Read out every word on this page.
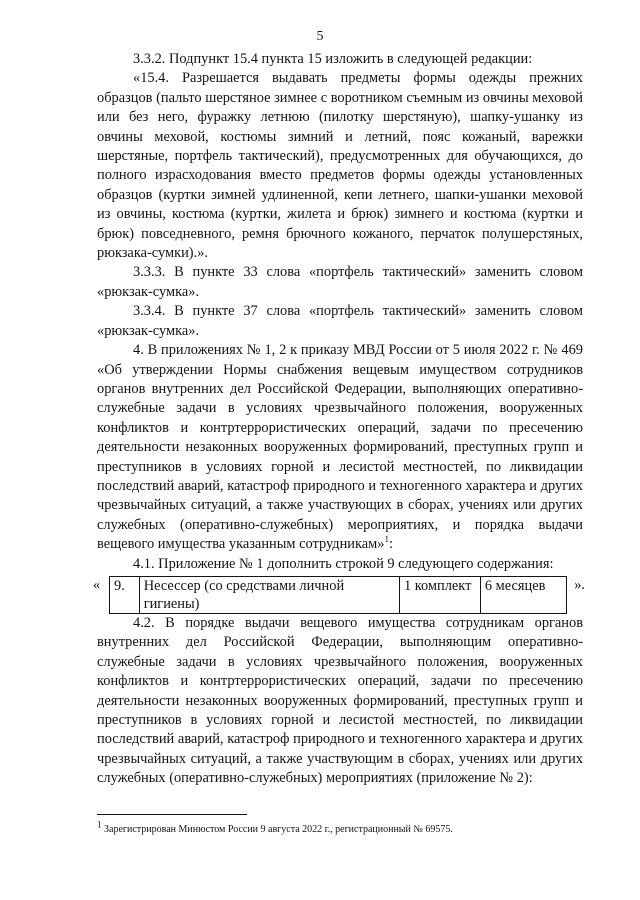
5

3.3.2. Подпункт 15.4 пункта 15 изложить в следующей редакции:

«15.4. Разрешается выдавать предметы формы одежды прежних образцов (пальто шерстяное зимнее с воротником съемным из овчины меховой или без него, фуражку летнюю (пилотку шерстяную), шапку-ушанку из овчины меховой, костюмы зимний и летний, пояс кожаный, варежки шерстяные, портфель тактический), предусмотренных для обучающихся, до полного израсходования вместо предметов формы одежды установленных образцов (куртки зимней удлиненной, кепи летнего, шапки-ушанки меховой из овчины, костюма (куртки, жилета и брюк) зимнего и костюма (куртки и брюк) повседневного, ремня брючного кожаного, перчаток полушерстяных, рюкзака-сумки).».

3.3.3. В пункте 33 слова «портфель тактический» заменить словом «рюкзак-сумка».

3.3.4. В пункте 37 слова «портфель тактический» заменить словом «рюкзак-сумка».

4. В приложениях № 1, 2 к приказу МВД России от 5 июля 2022 г. № 469 «Об утверждении Нормы снабжения вещевым имуществом сотрудников органов внутренних дел Российской Федерации, выполняющих оперативно-служебные задачи в условиях чрезвычайного положения, вооруженных конфликтов и контртеррористических операций, задачи по пресечению деятельности незаконных вооруженных формирований, преступных групп и преступников в условиях горной и лесистой местностей, по ликвидации последствий аварий, катастроф природного и техногенного характера и других чрезвычайных ситуаций, а также участвующих в сборах, учениях или других служебных (оперативно-служебных) мероприятиях, и порядка выдачи вещевого имущества указанным сотрудникам»$^1$:

4.1. Приложение № 1 дополнить строкой 9 следующего содержания:

« 9.	Несессер (со средствами личной гигиены)	1 комплект	6 месяцев	».

4.2. В порядке выдачи вещевого имущества сотрудникам органов внутренних дел Российской Федерации, выполняющим оперативно-служебные задачи в условиях чрезвычайного положения, вооруженных конфликтов и контртеррористических операций, задачи по пресечению деятельности незаконных вооруженных формирований, преступных групп и преступников в условиях горной и лесистой местностей, по ликвидации последствий аварий, катастроф природного и техногенного характера и других чрезвычайных ситуаций, а также участвующим в сборах, учениях или других служебных (оперативно-служебных) мероприятиях (приложение № 2):

$^1$ Зарегистрирован Минюстом России 9 августа 2022 г., регистрационный № 69575.
